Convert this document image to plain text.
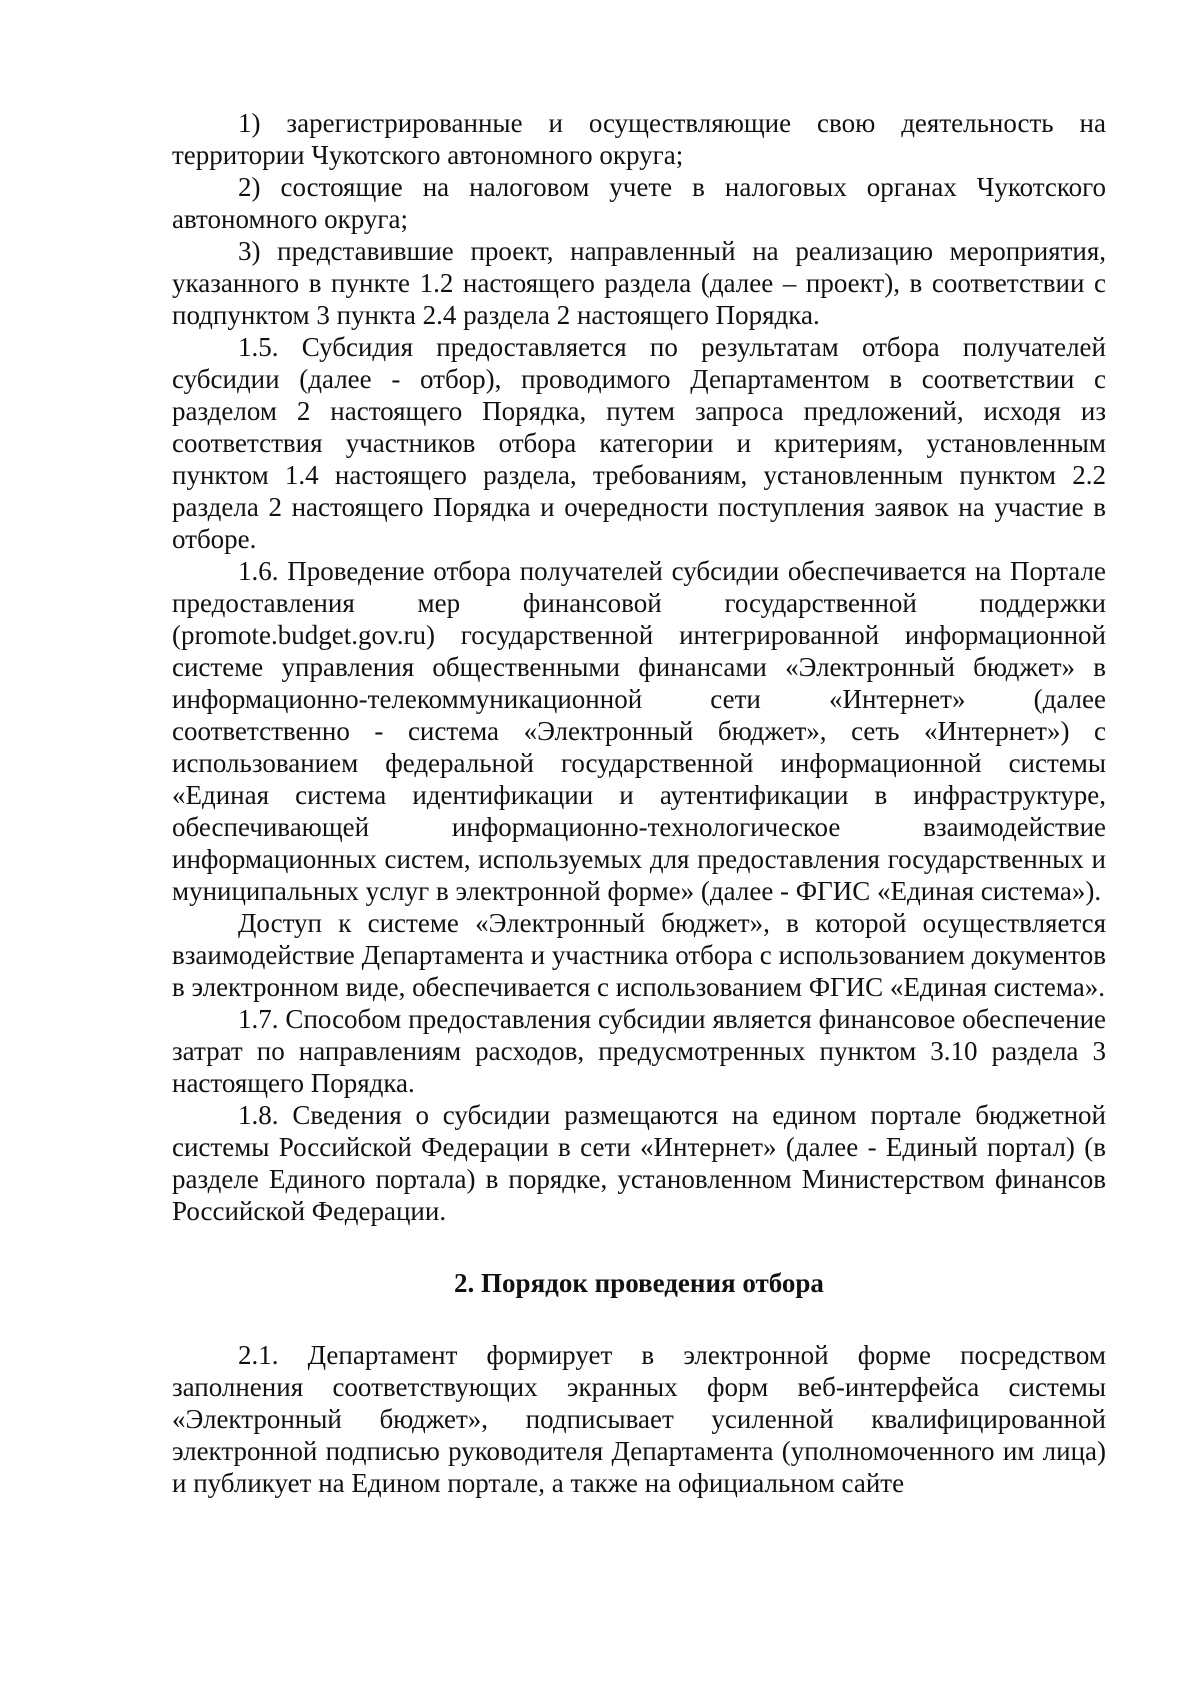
1) зарегистрированные и осуществляющие свою деятельность на территории Чукотского автономного округа;

2) состоящие на налоговом учете в налоговых органах Чукотского автономного округа;

3) представившие проект, направленный на реализацию мероприятия, указанного в пункте 1.2 настоящего раздела (далее – проект), в соответствии с подпунктом 3 пункта 2.4 раздела 2 настоящего Порядка.

1.5. Субсидия предоставляется по результатам отбора получателей субсидии (далее - отбор), проводимого Департаментом в соответствии с разделом 2 настоящего Порядка, путем запроса предложений, исходя из соответствия участников отбора категории и критериям, установленным пунктом 1.4 настоящего раздела, требованиям, установленным пунктом 2.2 раздела 2 настоящего Порядка и очередности поступления заявок на участие в отборе.

1.6. Проведение отбора получателей субсидии обеспечивается на Портале предоставления мер финансовой государственной поддержки (promote.budget.gov.ru) государственной интегрированной информационной системе управления общественными финансами «Электронный бюджет» в информационно-телекоммуникационной сети «Интернет» (далее соответственно - система «Электронный бюджет», сеть «Интернет») с использованием федеральной государственной информационной системы «Единая система идентификации и аутентификации в инфраструктуре, обеспечивающей информационно-технологическое взаимодействие информационных систем, используемых для предоставления государственных и муниципальных услуг в электронной форме» (далее - ФГИС «Единая система»).

Доступ к системе «Электронный бюджет», в которой осуществляется взаимодействие Департамента и участника отбора с использованием документов в электронном виде, обеспечивается с использованием ФГИС «Единая система».

1.7. Способом предоставления субсидии является финансовое обеспечение затрат по направлениям расходов, предусмотренных пунктом 3.10 раздела 3 настоящего Порядка.

1.8. Сведения о субсидии размещаются на едином портале бюджетной системы Российской Федерации в сети «Интернет» (далее - Единый портал) (в разделе Единого портала) в порядке, установленном Министерством финансов Российской Федерации.

2. Порядок проведения отбора

2.1. Департамент формирует в электронной форме посредством заполнения соответствующих экранных форм веб-интерфейса системы «Электронный бюджет», подписывает усиленной квалифицированной электронной подписью руководителя Департамента (уполномоченного им лица) и публикует на Едином портале, а также на официальном сайте
